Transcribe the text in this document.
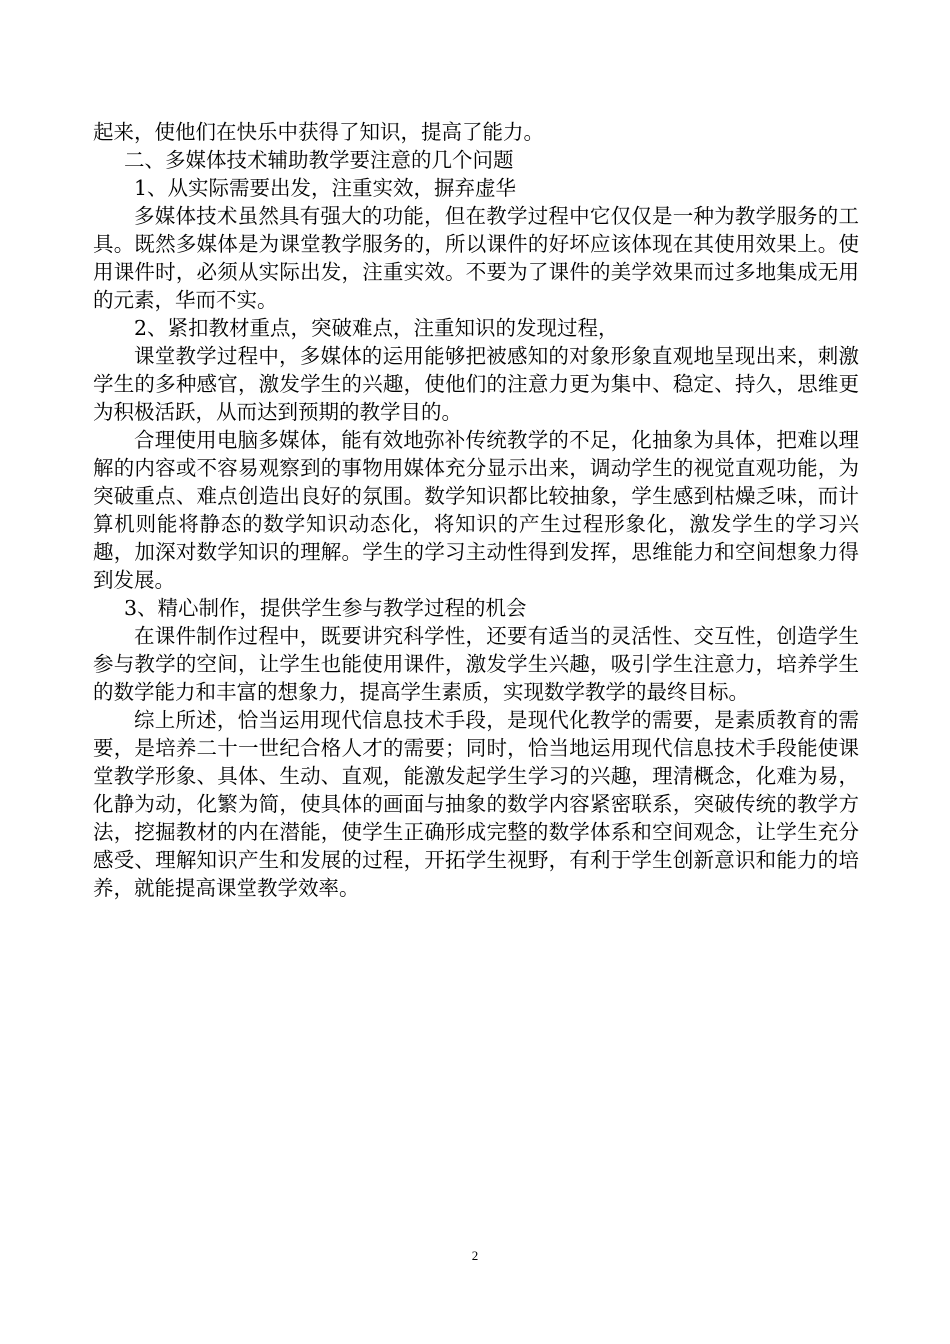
起来，使他们在快乐中获得了知识，提高了能力。

二、多媒体技术辅助教学要注意的几个问题

1、从实际需要出发，注重实效，摒弃虚华

多媒体技术虽然具有强大的功能，但在教学过程中它仅仅是一种为教学服务的工具。既然多媒体是为课堂教学服务的，所以课件的好坏应该体现在其使用效果上。使用课件时，必须从实际出发，注重实效。不要为了课件的美学效果而过多地集成无用的元素，华而不实。

2、紧扣教材重点，突破难点，注重知识的发现过程，

课堂教学过程中，多媒体的运用能够把被感知的对象形象直观地呈现出来，刺激学生的多种感官，激发学生的兴趣，使他们的注意力更为集中、稳定、持久，思维更为积极活跃，从而达到预期的教学目的。

合理使用电脑多媒体，能有效地弥补传统教学的不足，化抽象为具体，把难以理解的内容或不容易观察到的事物用媒体充分显示出来，调动学生的视觉直观功能，为突破重点、难点创造出良好的氛围。数学知识都比较抽象，学生感到枯燥乏味，而计算机则能将静态的数学知识动态化，将知识的产生过程形象化，激发学生的学习兴趣，加深对数学知识的理解。学生的学习主动性得到发挥，思维能力和空间想象力得到发展。

3、精心制作，提供学生参与教学过程的机会

在课件制作过程中，既要讲究科学性，还要有适当的灵活性、交互性，创造学生参与教学的空间，让学生也能使用课件，激发学生兴趣，吸引学生注意力，培养学生的数学能力和丰富的想象力，提高学生素质，实现数学教学的最终目标。

综上所述，恰当运用现代信息技术手段，是现代化教学的需要，是素质教育的需要，是培养二十一世纪合格人才的需要；同时，恰当地运用现代信息技术手段能使课堂教学形象、具体、生动、直观，能激发起学生学习的兴趣，理清概念，化难为易，化静为动，化繁为简，使具体的画面与抽象的数学内容紧密联系，突破传统的教学方法，挖掘教材的内在潜能，使学生正确形成完整的数学体系和空间观念，让学生充分感受、理解知识产生和发展的过程，开拓学生视野，有利于学生创新意识和能力的培养，就能提高课堂教学效率。

2
